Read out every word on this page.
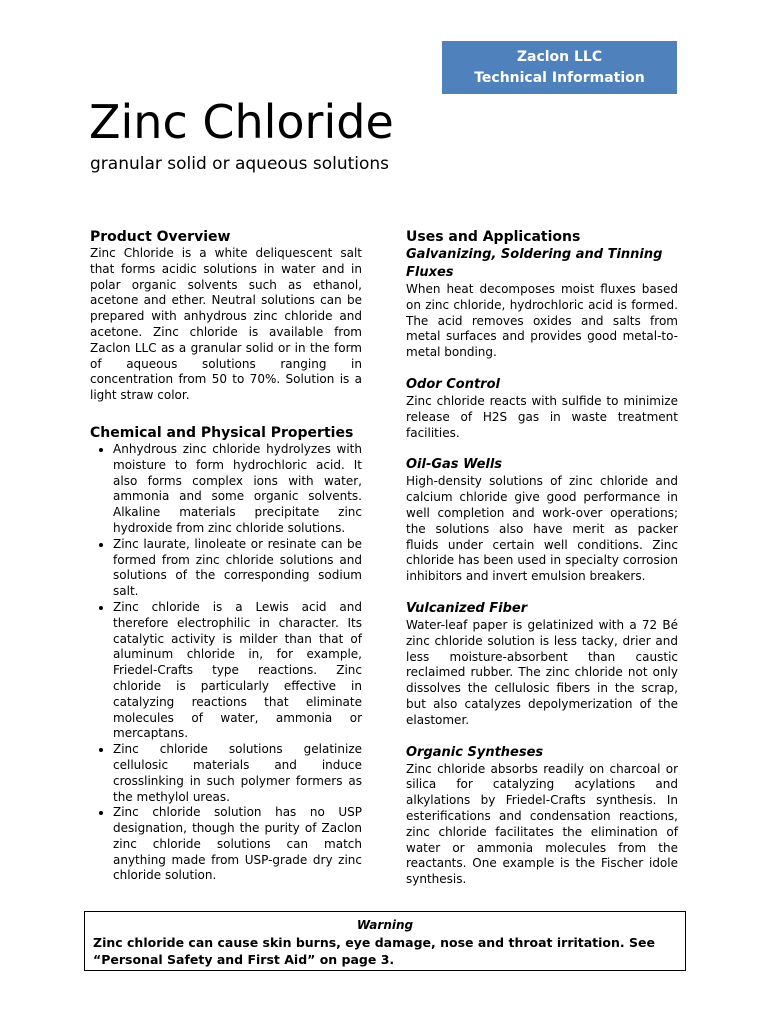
Zaclon LLC
Technical Information
Zinc Chloride
granular solid or aqueous solutions
Product Overview

Zinc Chloride is a white deliquescent salt that forms acidic solutions in water and in polar organic solvents such as ethanol, acetone and ether. Neutral solutions can be prepared with anhydrous zinc chloride and acetone. Zinc chloride is available from Zaclon LLC as a granular solid or in the form of aqueous solutions ranging in concentration from 50 to 70%. Solution is a light straw color.

Chemical and Physical Properties
• Anhydrous zinc chloride hydrolyzes with moisture to form hydrochloric acid. It also forms complex ions with water, ammonia and some organic solvents. Alkaline materials precipitate zinc hydroxide from zinc chloride solutions.
• Zinc laurate, linoleate or resinate can be formed from zinc chloride solutions and solutions of the corresponding sodium salt.
• Zinc chloride is a Lewis acid and therefore electrophilic in character. Its catalytic activity is milder than that of aluminum chloride in, for example, Friedel-Crafts type reactions. Zinc chloride is particularly effective in catalyzing reactions that eliminate molecules of water, ammonia or mercaptans.
• Zinc chloride solutions gelatinize cellulosic materials and induce crosslinking in such polymer formers as the methylol ureas.
• Zinc chloride solution has no USP designation, though the purity of Zaclon zinc chloride solutions can match anything made from USP-grade dry zinc chloride solution.
Uses and Applications
Galvanizing, Soldering and Tinning Fluxes

When heat decomposes moist fluxes based on zinc chloride, hydrochloric acid is formed. The acid removes oxides and salts from metal surfaces and provides good metal-to-metal bonding.

Odor Control

Zinc chloride reacts with sulfide to minimize release of H2S gas in waste treatment facilities.

Oil-Gas Wells

High-density solutions of zinc chloride and calcium chloride give good performance in well completion and work-over operations; the solutions also have merit as packer fluids under certain well conditions. Zinc chloride has been used in specialty corrosion inhibitors and invert emulsion breakers.

Vulcanized Fiber

Water-leaf paper is gelatinized with a 72 Bé zinc chloride solution is less tacky, drier and less moisture-absorbent than caustic reclaimed rubber. The zinc chloride not only dissolves the cellulosic fibers in the scrap, but also catalyzes depolymerization of the elastomer.

Organic Syntheses

Zinc chloride absorbs readily on charcoal or silica for catalyzing acylations and alkylations by Friedel-Crafts synthesis. In esterifications and condensation reactions, zinc chloride facilitates the elimination of water or ammonia molecules from the reactants. One example is the Fischer idole synthesis.

Warning
Zinc chloride can cause skin burns, eye damage, nose and throat irritation. See “Personal Safety and First Aid” on page 3.
